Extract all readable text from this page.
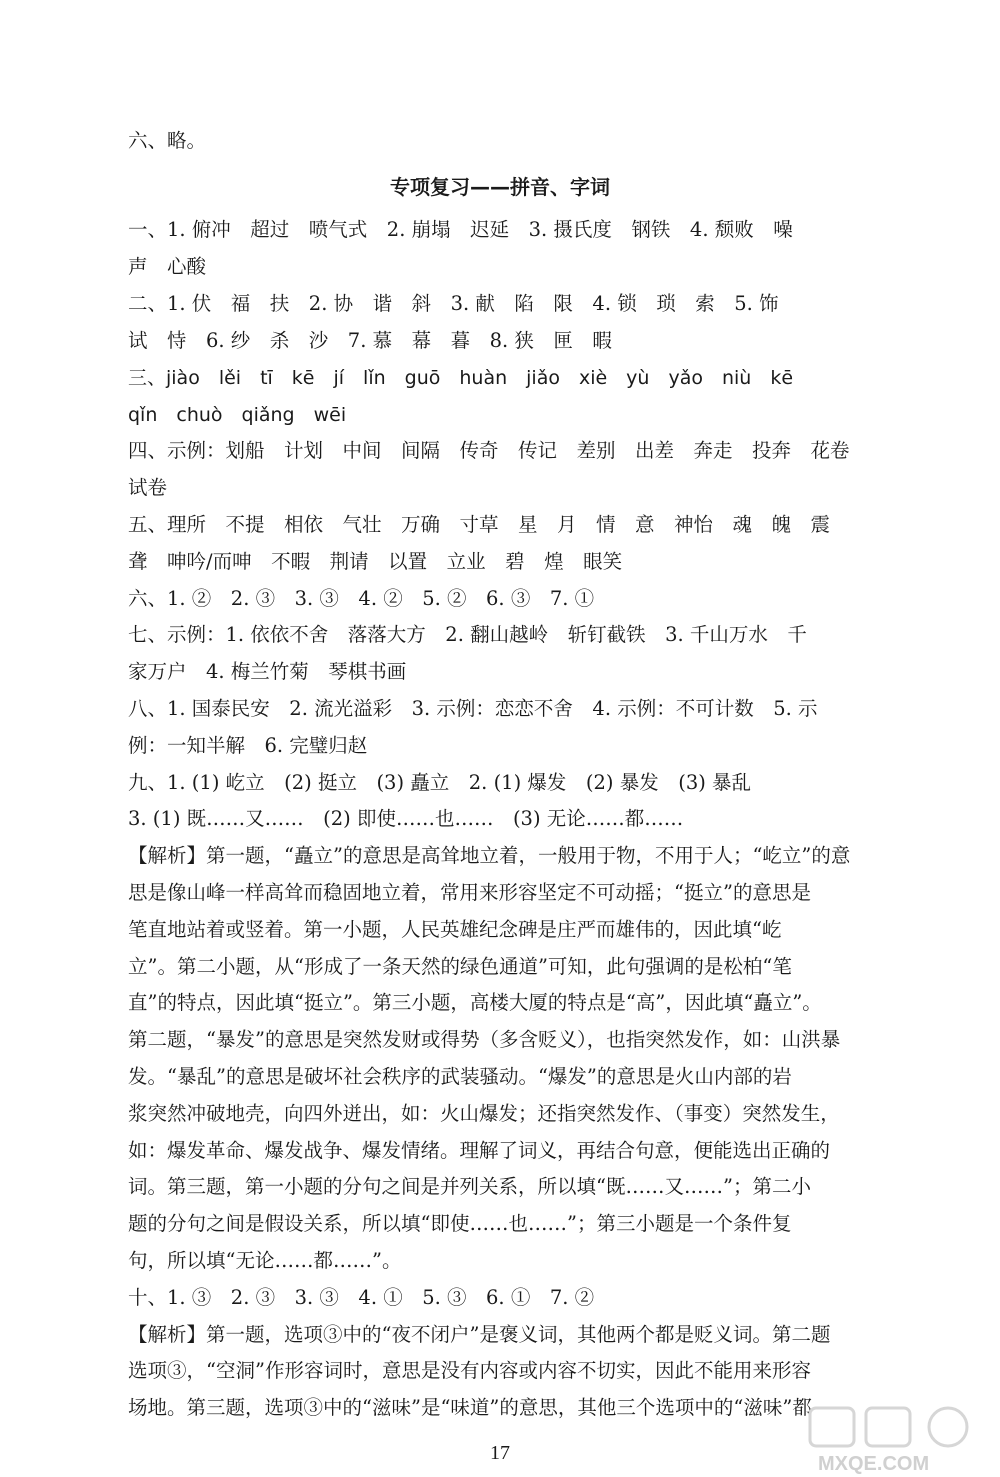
六、略。
专项复习——拼音、字词
一、1. 俯冲　超过　喷气式　2. 崩塌　迟延　3. 摄氏度　钢铁　4. 颓败　噪
声　心酸
二、1. 伏　福　扶　2. 协　谐　斜　3. 献　陷　限　4. 锁　琐　索　5. 饰
试　恃　6. 纱　杀　沙　7. 慕　幕　暮　8. 狭　匣　暇
三、jiào　lěi　tī　kē　jí　lǐn　guō　huàn　jiǎo　xiè　yù　yǎo　niù　kē
qǐn　chuò　qiǎng　wēi
四、示例：划船　计划　中间　间隔　传奇　传记　差别　出差　奔走　投奔　花卷
试卷
五、理所　不提　相依　气壮　万确　寸草　星　月　情　意　神怡　魂　魄　震
聋　呻吟/而呻　不暇　荆请　以置　立业　碧　煌　眼笑
六、1. ②　2. ③　3. ③　4. ②　5. ②　6. ③　7. ①
七、示例：1. 依依不舍　落落大方　2. 翻山越岭　斩钉截铁　3. 千山万水　千
家万户　4. 梅兰竹菊　琴棋书画
八、1. 国泰民安　2. 流光溢彩　3. 示例：恋恋不舍　4. 示例：不可计数　5. 示
例：一知半解　6. 完璧归赵
九、1. (1) 屹立　(2) 挺立　(3) 矗立　2. (1) 爆发　(2) 暴发　(3) 暴乱
3. (1) 既……又……　(2) 即使……也……　(3) 无论……都……
【解析】第一题，“矗立”的意思是高耸地立着，一般用于物，不用于人；“屹立”的意
思是像山峰一样高耸而稳固地立着，常用来形容坚定不可动摇；“挺立”的意思是
笔直地站着或竖着。第一小题，人民英雄纪念碑是庄严而雄伟的，因此填“屹
立”。第二小题，从“形成了一条天然的绿色通道”可知，此句强调的是松柏“笔
直”的特点，因此填“挺立”。第三小题，高楼大厦的特点是“高”，因此填“矗立”。
第二题，“暴发”的意思是突然发财或得势（多含贬义），也指突然发作，如：山洪暴
发。“暴乱”的意思是破坏社会秩序的武装骚动。“爆发”的意思是火山内部的岩
浆突然冲破地壳，向四外迸出，如：火山爆发；还指突然发作、（事变）突然发生，
如：爆发革命、爆发战争、爆发情绪。理解了词义，再结合句意，便能选出正确的
词。第三题，第一小题的分句之间是并列关系，所以填“既……又……”；第二小
题的分句之间是假设关系，所以填“即使……也……”；第三小题是一个条件复
句，所以填“无论……都……”。
十、1. ③　2. ③　3. ③　4. ①　5. ③　6. ①　7. ②
【解析】第一题，选项③中的“夜不闭户”是褒义词，其他两个都是贬义词。第二题
选项③，“空洞”作形容词时，意思是没有内容或内容不切实，因此不能用来形容
场地。第三题，选项③中的“滋味”是“味道”的意思，其他三个选项中的“滋味”都
17	MXQE.COM
